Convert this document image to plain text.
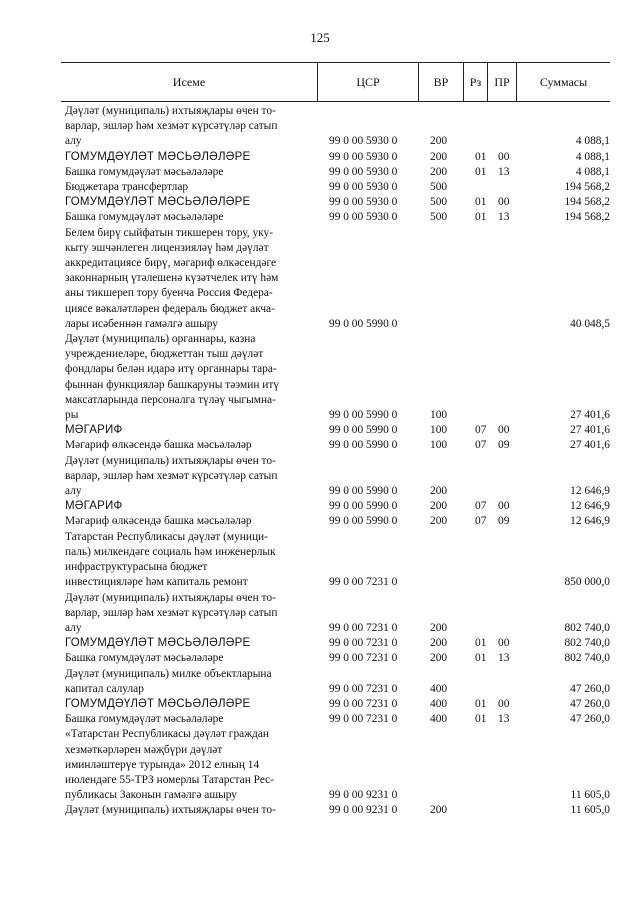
125
Исеме	ЦСР	ВР	Рз	ПР	Суммасы
Дәүләт (муниципаль) ихтыяҗлары өчен то-
варлар, эшләр һәм хезмәт күрсәтүләр сатып
алу	99 0 00 5930 0	200	4 088,1
ГОМУМДӘҮЛӘТ МӘСЬӘЛӘЛӘРЕ	99 0 00 5930 0	200 01 00	4 088,1
Башка гомумдәүләт мәсьәләләре	99 0 00 5930 0	200 01 13	4 088,1
Бюджетара трансфертлар	99 0 00 5930 0	500	194 568,2
ГОМУМДӘҮЛӘТ МӘСЬӘЛӘЛӘРЕ	99 0 00 5930 0	500 01 00	194 568,2
Башка гомумдәүләт мәсьәләләре	99 0 00 5930 0	500 01 13	194 568,2
Белем бирү сыйфатын тикшерен тору, уку-
кыту эшчәнлеген лицензияләү һәм дәүләт
aккредитациясе бирү, мәгариф өлкәсендәге
законнарның үтәлешенә күзәтчелек итү һәм
аны тикшереп тору буенча Россия Федера-
циясе вәкаләтләрен федераль бюджет акча-
лары исәбеннән гамәлгә ашыру	99 0 00 5990 0	40 048,5
Дәүләт (муниципаль) органнары, казна
учреждениеләре, бюджеттан тыш дәүләт
фондлары белән идарә итү органнары тара-
фыннан функцияләр башкаруны тәэмин итү
максатларында персоналга түләү чыгымна-
ры	99 0 00 5990 0	100	27 401,6
МӘГАРИФ	99 0 00 5990 0	100 07 00	27 401,6
Мәгариф өлкәсендә башка мәсьәләләр	99 0 00 5990 0	100 07 09	27 401,6
Дәүләт (муниципаль) ихтыяҗлары өчен то-
варлар, эшләр һәм хезмәт күрсәтүләр сатып
алу	99 0 00 5990 0	200	12 646,9
МӘГАРИФ	99 0 00 5990 0	200 07 00	12 646,9
Мәгариф өлкәсендә башка мәсьәләләр	99 0 00 5990 0	200 07 09	12 646,9
Татарстан Республикасы дәүләт (муници-
паль) милкендәге социаль һәм инженерлык
инфраструктурасына бюджет
инвестицияләре һәм капиталь ремонт	99 0 00 7231 0	850 000,0
Дәүләт (муниципаль) ихтыяҗлары өчен то-
варлар, эшләр һәм хезмәт күрсәтүләр сатып
алу	99 0 00 7231 0	200	802 740,0
ГОМУМДӘҮЛӘТ МӘСЬӘЛӘЛӘРЕ	99 0 00 7231 0	200 01 00	802 740,0
Башка гомумдәүләт мәсьәләләре	99 0 00 7231 0	200 01 13	802 740,0
Дәүләт (муниципаль) милке объектларына
капитал салулар	99 0 00 7231 0	400	47 260,0
ГОМУМДӘҮЛӘТ МӘСЬӘЛӘЛӘРЕ	99 0 00 7231 0	400 01 00	47 260,0
Башка гомумдәүләт мәсьәләләре	99 0 00 7231 0	400 01 13	47 260,0
«Татарстан Республикасы дәүләт граждан
хезмәткәрләрен мәҗбүри дәүләт
иминләштерүе турында» 2012 елның 14
июлендәге 55-ТРЗ номерлы Татарстан Рес-
публикасы Законын гамәлгә ашыру	99 0 00 9231 0	11 605,0
Дәүләт (муниципаль) ихтыяҗлары өчен то-	99 0 00 9231 0	200	11 605,0
